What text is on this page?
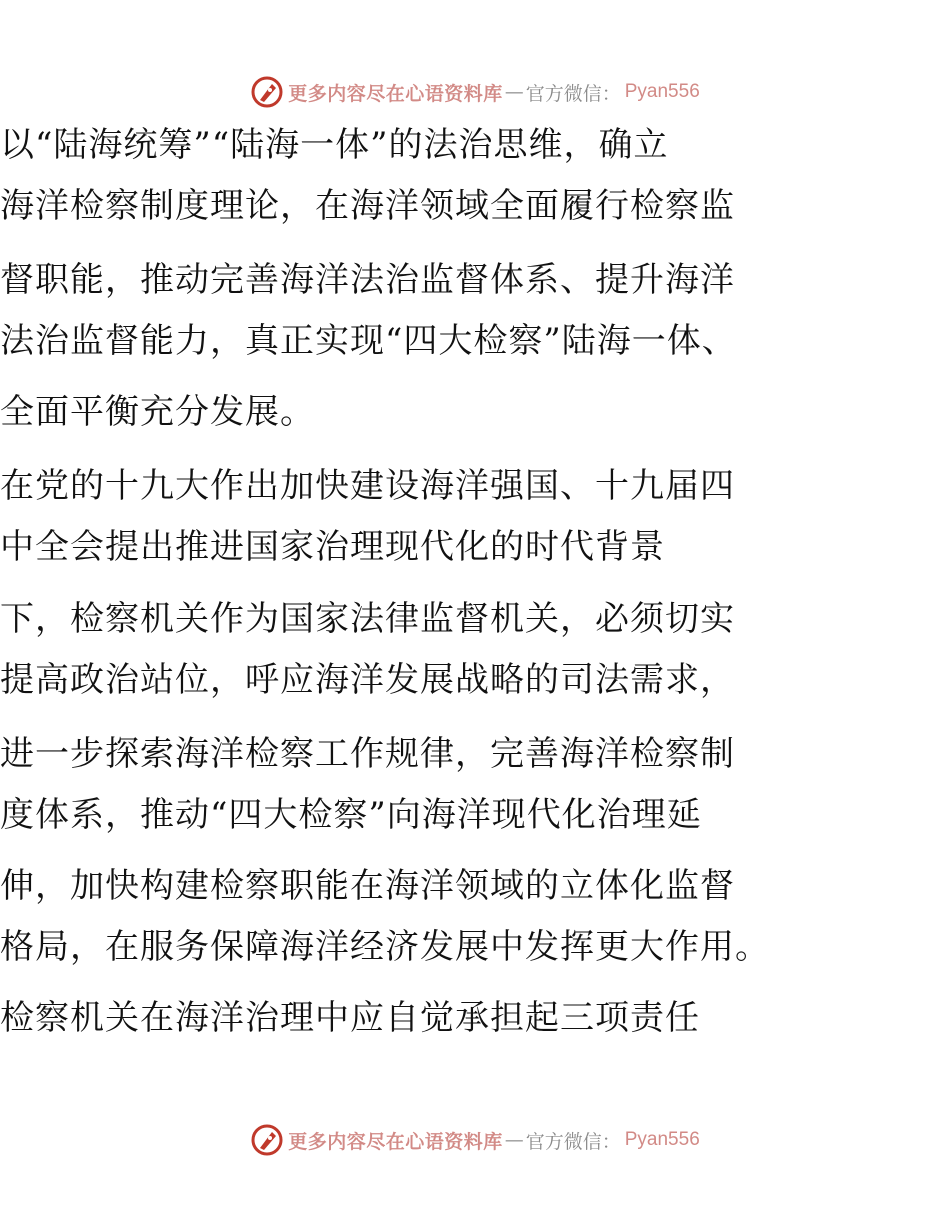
更多内容尽在心语资料库 — 官方微信： Pyan556
以“陆海统筹”“陆海一体”的法治思维，确立
海洋检察制度理论，在海洋领域全面履行检察监
督职能，推动完善海洋法治监督体系、提升海洋
法治监督能力，真正实现“四大检察”陆海一体、
全面平衡充分发展。
在党的十九大作出加快建设海洋强国、十九届四
中全会提出推进国家治理现代化的时代背景
下，检察机关作为国家法律监督机关，必须切实
提高政治站位，呼应海洋发展战略的司法需求，
进一步探索海洋检察工作规律，完善海洋检察制
度体系，推动“四大检察”向海洋现代化治理延
伸，加快构建检察职能在海洋领域的立体化监督
格局，在服务保障海洋经济发展中发挥更大作用。
检察机关在海洋治理中应自觉承担起三项责任
更多内容尽在心语资料库 — 官方微信： Pyan556
